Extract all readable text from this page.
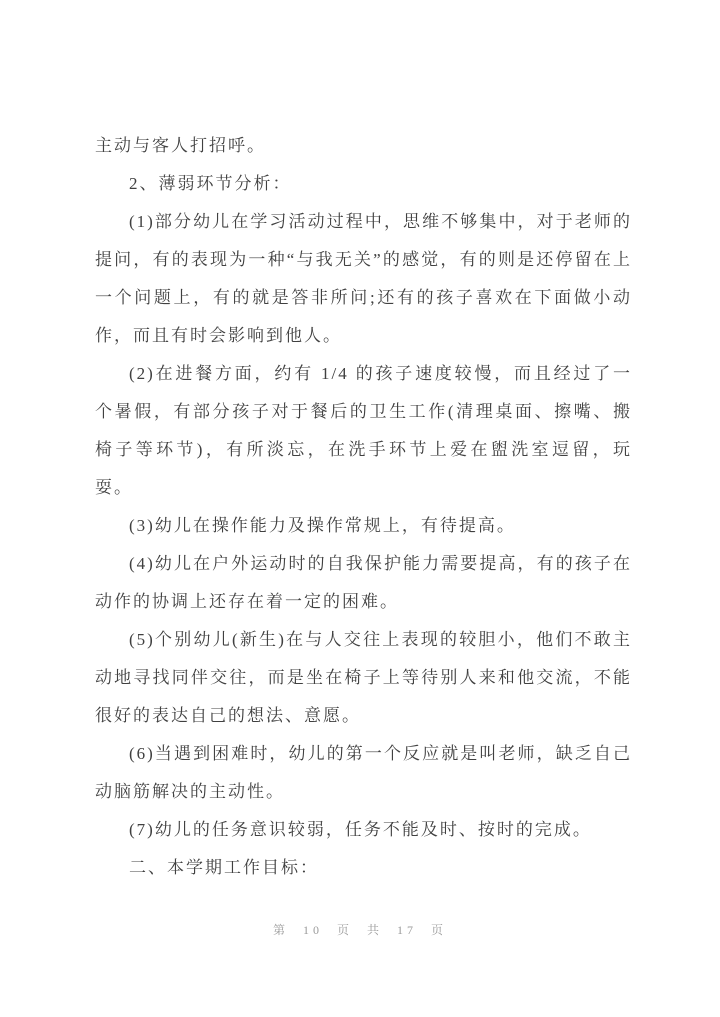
主动与客人打招呼。

2、薄弱环节分析：

(1)部分幼儿在学习活动过程中，思维不够集中，对于老师的提问，有的表现为一种“与我无关”的感觉，有的则是还停留在上一个问题上，有的就是答非所问;还有的孩子喜欢在下面做小动作，而且有时会影响到他人。

(2)在进餐方面，约有 1/4 的孩子速度较慢，而且经过了一个暑假，有部分孩子对于餐后的卫生工作(清理桌面、擦嘴、搬椅子等环节)，有所淡忘，在洗手环节上爱在盥洗室逗留，玩耍。

(3)幼儿在操作能力及操作常规上，有待提高。

(4)幼儿在户外运动时的自我保护能力需要提高，有的孩子在动作的协调上还存在着一定的困难。

(5)个别幼儿(新生)在与人交往上表现的较胆小，他们不敢主动地寻找同伴交往，而是坐在椅子上等待别人来和他交流，不能很好的表达自己的想法、意愿。

(6)当遇到困难时，幼儿的第一个反应就是叫老师，缺乏自己动脑筋解决的主动性。

(7)幼儿的任务意识较弱，任务不能及时、按时的完成。

二、本学期工作目标：

第 10 页 共 17 页
